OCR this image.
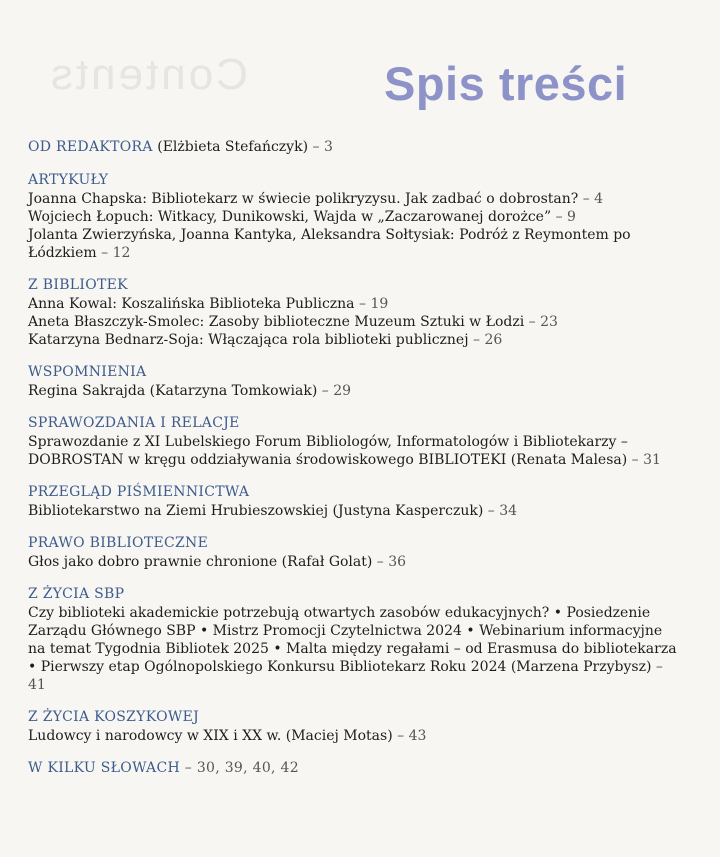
Contents	Spis treści
OD REDAKTORA (Elżbieta Stefańczyk) – 3
ARTYKUŁY
Joanna Chapska: Bibliotekarz w świecie polikryzysu. Jak zadbać o dobrostan? – 4
Wojciech Łopuch: Witkacy, Dunikowski, Wajda w „Zaczarowanej dorożce” – 9
Jolanta Zwierzyńska, Joanna Kantyka, Aleksandra Sołtysiak: Podróż z Reymontem po Łódzkiem – 12
Z BIBLIOTEK
Anna Kowal: Koszalińska Biblioteka Publiczna – 19
Aneta Błaszczyk-Smolec: Zasoby biblioteczne Muzeum Sztuki w Łodzi – 23
Katarzyna Bednarz-Soja: Włączająca rola biblioteki publicznej – 26
WSPOMNIENIA
Regina Sakrajda (Katarzyna Tomkowiak) – 29
SPRAWOZDANIA I RELACJE
Sprawozdanie z XI Lubelskiego Forum Bibliologów, Informatologów i Bibliotekarzy – DOBROSTAN w kręgu oddziaływania środowiskowego BIBLIOTEKI (Renata Malesa) – 31
PRZEGLĄD PIŚMIENNICTWA
Bibliotekarstwo na Ziemi Hrubieszowskiej (Justyna Kasperczuk) – 34
PRAWO BIBLIOTECZNE
Głos jako dobro prawnie chronione (Rafał Golat) – 36
Z ŻYCIA SBP
Czy biblioteki akademickie potrzebują otwartych zasobów edukacyjnych? • Posiedzenie Zarządu Głównego SBP • Mistrz Promocji Czytelnictwa 2024 • Webinarium informacyjne na temat Tygodnia Bibliotek 2025 • Malta między regałami – od Erasmusa do bibliotekarza • Pierwszy etap Ogólnopolskiego Konkursu Bibliotekarz Roku 2024 (Marzena Przybysz) – 41
Z ŻYCIA KOSZYKOWEJ
Ludowcy i narodowcy w XIX i XX w. (Maciej Motas) – 43
W KILKU SŁOWACH – 30, 39, 40, 42
